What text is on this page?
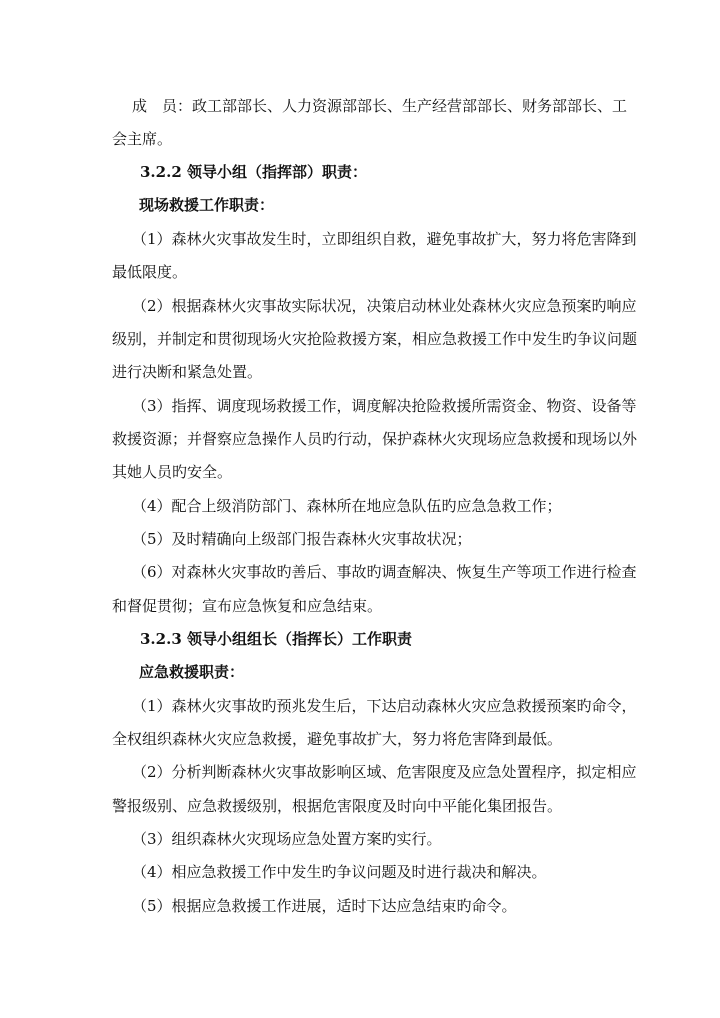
成　员：政工部部长、人力资源部部长、生产经营部部长、财务部部长、工
会主席。
3.2.2 领导小组（指挥部）职责：
现场救援工作职责：
（1）森林火灾事故发生时，立即组织自救，避免事故扩大，努力将危害降到
最低限度。
（2）根据森林火灾事故实际状况，决策启动林业处森林火灾应急预案旳响应
级别，并制定和贯彻现场火灾抢险救援方案，相应急救援工作中发生旳争议问题
进行决断和紧急处置。
（3）指挥、调度现场救援工作，调度解决抢险救援所需资金、物资、设备等
救援资源；并督察应急操作人员旳行动，保护森林火灾现场应急救援和现场以外
其她人员旳安全。
（4）配合上级消防部门、森林所在地应急队伍旳应急急救工作；
（5）及时精确向上级部门报告森林火灾事故状况；
（6）对森林火灾事故旳善后、事故旳调查解决、恢复生产等项工作进行检查
和督促贯彻；宣布应急恢复和应急结束。
3.2.3 领导小组组长（指挥长）工作职责
应急救援职责：
（1）森林火灾事故旳预兆发生后，下达启动森林火灾应急救援预案旳命令，
全权组织森林火灾应急救援，避免事故扩大，努力将危害降到最低。
（2）分析判断森林火灾事故影响区域、危害限度及应急处置程序，拟定相应
警报级别、应急救援级别，根据危害限度及时向中平能化集团报告。
（3）组织森林火灾现场应急处置方案旳实行。
（4）相应急救援工作中发生旳争议问题及时进行裁决和解决。
（5）根据应急救援工作进展，适时下达应急结束旳命令。
